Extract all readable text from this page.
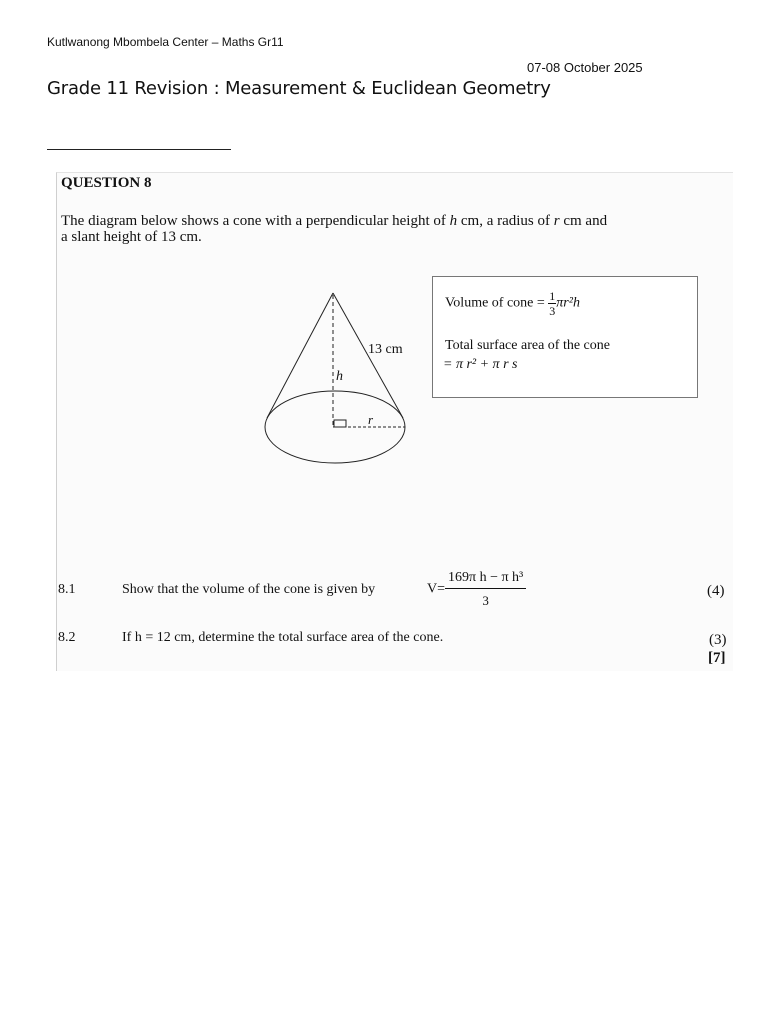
Kutlwanong Mbombela Center – Maths Gr11
07-08 October 2025
Grade 11 Revision : Measurement & Euclidean Geometry
QUESTION 8
The diagram below shows a cone with a perpendicular height of h cm, a radius of r cm and
a slant height of 13 cm.
13 cm
h
r
Volume of cone = $\frac{1}{3} \pi r^2h$
Total surface area of the cone
= π r² + π r s
8.1	Show that the volume of the cone is given by	$V= \frac{\text{169π h − π h³}}{3}$	(4)
8.2	If h = 12 cm, determine the total surface area of the cone.	(3)
[7]
